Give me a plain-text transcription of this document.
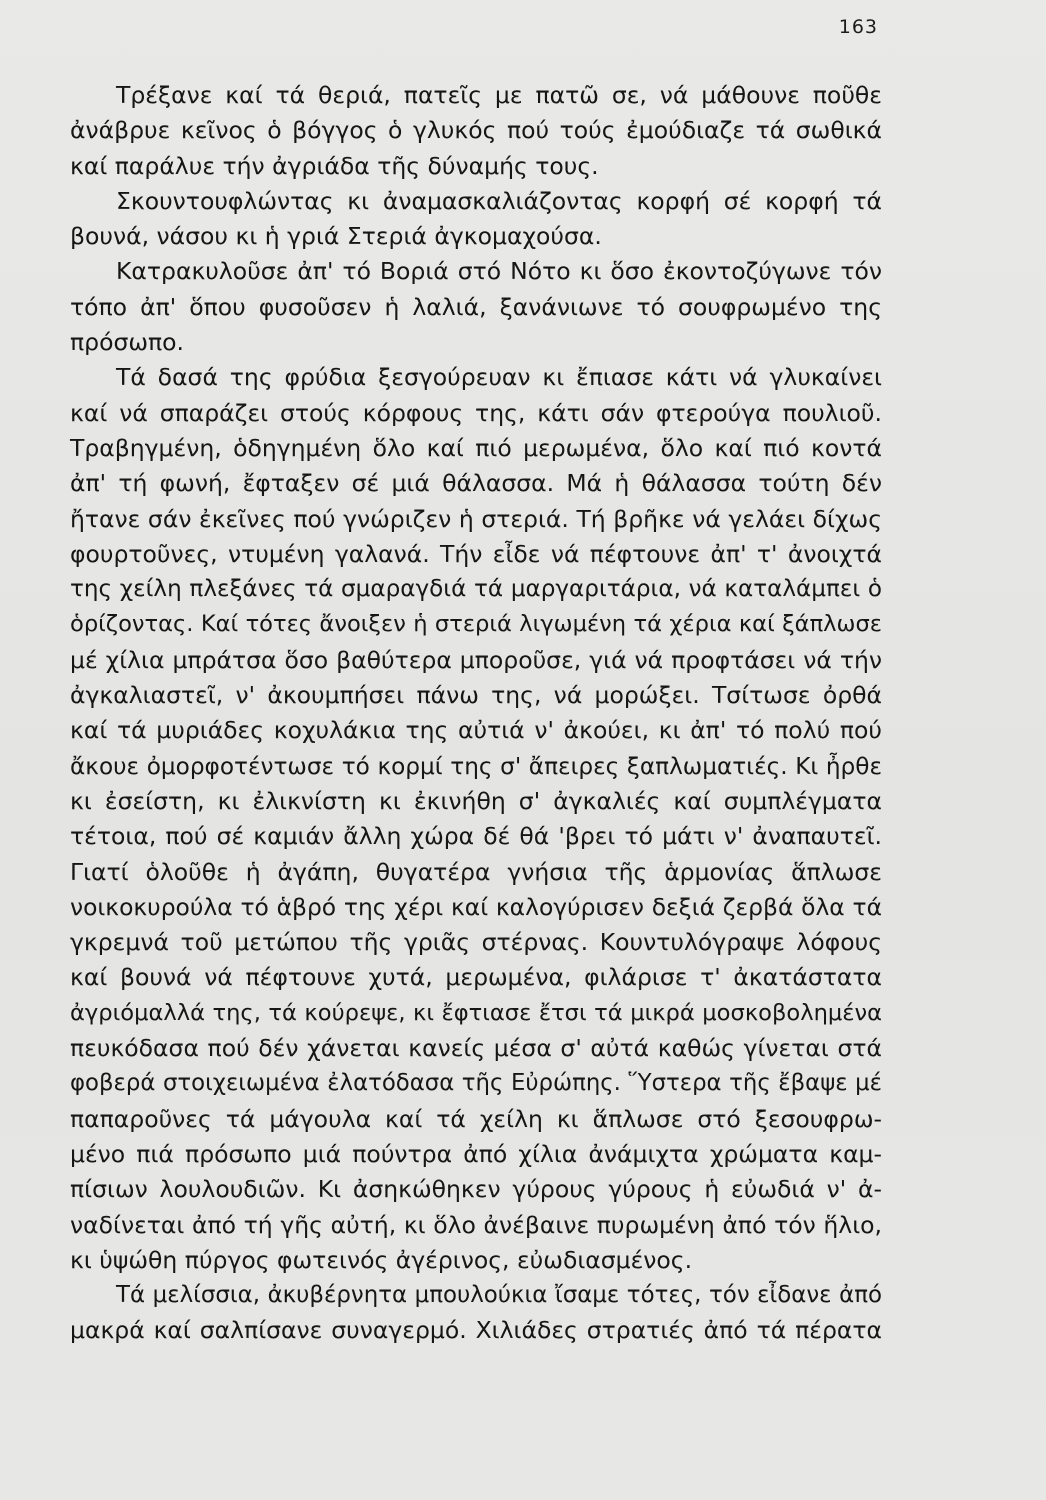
163
Τρέξανε καί τά θεριά, πατεῖς με πατῶ σε, νά μάθουνε ποῦθε
ἀνάβρυε κεῖνος ὁ βόγγος ὁ γλυκός πού τούς ἐμούδιαζε τά σωθικά
καί παράλυε τήν ἀγριάδα τῆς δύναμής τους.
Σκουντουφλώντας κι ἀναμασκαλιάζοντας κορφή σέ κορφή τά
βουνά, νάσου κι ἡ γριά Στεριά ἀγκομαχούσα.
Κατρακυλοῦσε ἀπ' τό Βοριά στό Νότο κι ὅσο ἐκοντοζύγωνε τόν
τόπο ἀπ' ὅπου φυσοῦσεν ἡ λαλιά, ξανάνιωνε τό σουφρωμένο της
πρόσωπο.
Τά δασά της φρύδια ξεσγούρευαν κι ἔπιασε κάτι νά γλυκαίνει
καί νά σπαράζει στούς κόρφους της, κάτι σάν φτερούγα πουλιοῦ.
Τραβηγμένη, ὁδηγημένη ὅλο καί πιό μερωμένα, ὅλο καί πιό κοντά
ἀπ' τή φωνή, ἔφταξεν σέ μιά θάλασσα. Μά ἡ θάλασσα τούτη δέν
ἤτανε σάν ἐκεῖνες πού γνώριζεν ἡ στεριά. Τή βρῆκε νά γελάει δίχως
φουρτοῦνες, ντυμένη γαλανά. Τήν εἶδε νά πέφτουνε ἀπ' τ' ἀνοιχτά
της χείλη πλεξάνες τά σμαραγδιά τά μαργαριτάρια, νά καταλάμπει ὁ
ὁρίζοντας. Καί τότες ἄνοιξεν ἡ στεριά λιγωμένη τά χέρια καί ξάπλωσε
μέ χίλια μπράτσα ὅσο βαθύτερα μποροῦσε, γιά νά προφτάσει νά τήν
ἀγκαλιαστεῖ, ν' ἀκουμπήσει πάνω της, νά μορώξει. Τσίτωσε ὀρθά
καί τά μυριάδες κοχυλάκια της αὐτιά ν' ἀκούει, κι ἀπ' τό πολύ πού
ἄκουε ὀμορφοτέντωσε τό κορμί της σ' ἄπειρες ξαπλωματιές. Κι ἦρθε
κι ἐσείστη, κι ἐλικνίστη κι ἐκινήθη σ' ἀγκαλιές καί συμπλέγματα
τέτοια, πού σέ καμιάν ἄλλη χώρα δέ θά 'βρει τό μάτι ν' ἀναπαυτεῖ.
Γιατί ὁλοῦθε ἡ ἀγάπη, θυγατέρα γνήσια τῆς ἁρμονίας ἅπλωσε
νοικοκυρούλα τό ἁβρό της χέρι καί καλογύρισεν δεξιά ζερβά ὅλα τά
γκρεμνά τοῦ μετώπου τῆς γριᾶς στέρνας. Κουντυλόγραψε λόφους
καί βουνά νά πέφτουνε χυτά, μερωμένα, φιλάρισε τ' ἀκατάστατα
ἀγριόμαλλά της, τά κούρεψε, κι ἔφτιασε ἔτσι τά μικρά μοσκοβολημένα
πευκόδασα πού δέν χάνεται κανείς μέσα σ' αὐτά καθώς γίνεται στά
φοβερά στοιχειωμένα ἐλατόδασα τῆς Εὐρώπης. Ὕστερα τῆς ἔβαψε μέ
παπαροῦνες τά μάγουλα καί τά χείλη κι ἅπλωσε στό ξεσουφρω-
μένο πιά πρόσωπο μιά πούντρα ἀπό χίλια ἀνάμιχτα χρώματα καμ-
πίσιων λουλουδιῶν. Κι ἀσηκώθηκεν γύρους γύρους ἡ εὐωδιά ν' ἀ-
ναδίνεται ἀπό τή γῆς αὐτή, κι ὅλο ἀνέβαινε πυρωμένη ἀπό τόν ἥλιο,
κι ὑψώθη πύργος φωτεινός ἀγέρινος, εὐωδιασμένος.
Τά μελίσσια, ἀκυβέρνητα μπουλούκια ἴσαμε τότες, τόν εἶδανε ἀπό
μακρά καί σαλπίσανε συναγερμό. Χιλιάδες στρατιές ἀπό τά πέρατα
